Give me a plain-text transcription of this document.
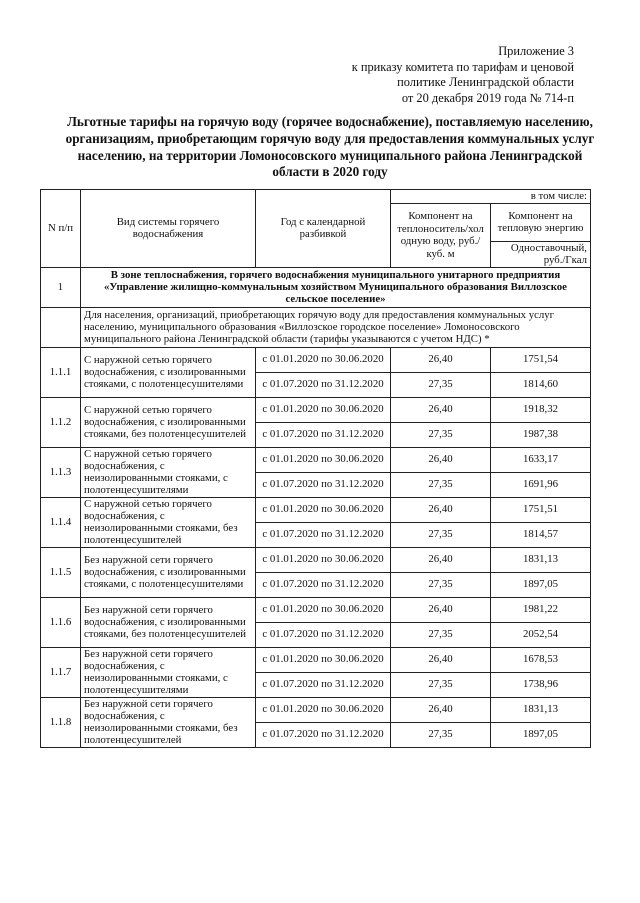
Приложение 3
к приказу комитета по тарифам и ценовой
политике Ленинградской области
от 20 декабря 2019 года № 714-п
Льготные тарифы на горячую воду (горячее водоснабжение), поставляемую населению, организациям, приобретающим горячую воду для предоставления коммунальных услуг населению, на территории Ломоносовского муниципального района Ленинградской области в 2020 году
N п/п	Вид системы горячего водоснабжения	Год с календарной разбивкой	в том числе:	
			Компонент на теплоноситель/хол одную воду, руб./куб. м	Компонент на тепловую энергию
				Одноставочный, руб./Гкал
1	В зоне теплоснабжения, горячего водоснабжения муниципального унитарного предприятия «Управление жилищно-коммунальным хозяйством Муниципального образования Виллозское сельское поселение»			
	Для населения, организаций, приобретающих горячую воду для предоставления коммунальных услуг населению, муниципального образования «Виллозское городское поселение» Ломоносовского муниципального района Ленинградской области (тарифы указываются с учетом НДС) *			
1.1.1	С наружной сетью горячего водоснабжения, с изолированными стояками, с полотенцесушителями	с 01.01.2020 по 30.06.2020	26,40	1751,54
		с 01.07.2020 по 31.12.2020	27,35	1814,60
1.1.2	С наружной сетью горячего водоснабжения, с изолированными стояками, без полотенцесушителей	с 01.01.2020 по 30.06.2020	26,40	1918,32
		с 01.07.2020 по 31.12.2020	27,35	1987,38
1.1.3	С наружной сетью горячего водоснабжения, с неизолированными стояками, с полотенцесушителями	с 01.01.2020 по 30.06.2020	26,40	1633,17
		с 01.07.2020 по 31.12.2020	27,35	1691,96
1.1.4	С наружной сетью горячего водоснабжения, с неизолированными стояками, без полотенцесушителей	с 01.01.2020 по 30.06.2020	26,40	1751,51
		с 01.07.2020 по 31.12.2020	27,35	1814,57
1.1.5	Без наружной сети горячего водоснабжения, с изолированными стояками, с полотенцесушителями	с 01.01.2020 по 30.06.2020	26,40	1831,13
		с 01.07.2020 по 31.12.2020	27,35	1897,05
1.1.6	Без наружной сети горячего водоснабжения, с изолированными стояками, без полотенцесушителей	с 01.01.2020 по 30.06.2020	26,40	1981,22
		с 01.07.2020 по 31.12.2020	27,35	2052,54
1.1.7	Без наружной сети горячего водоснабжения, с неизолированными стояками, с полотенцесушителями	с 01.01.2020 по 30.06.2020	26,40	1678,53
		с 01.07.2020 по 31.12.2020	27,35	1738,96
1.1.8	Без наружной сети горячего водоснабжения, с неизолированными стояками, без полотенцесушителей	с 01.01.2020 по 30.06.2020	26,40	1831,13
		с 01.07.2020 по 31.12.2020	27,35	1897,05
